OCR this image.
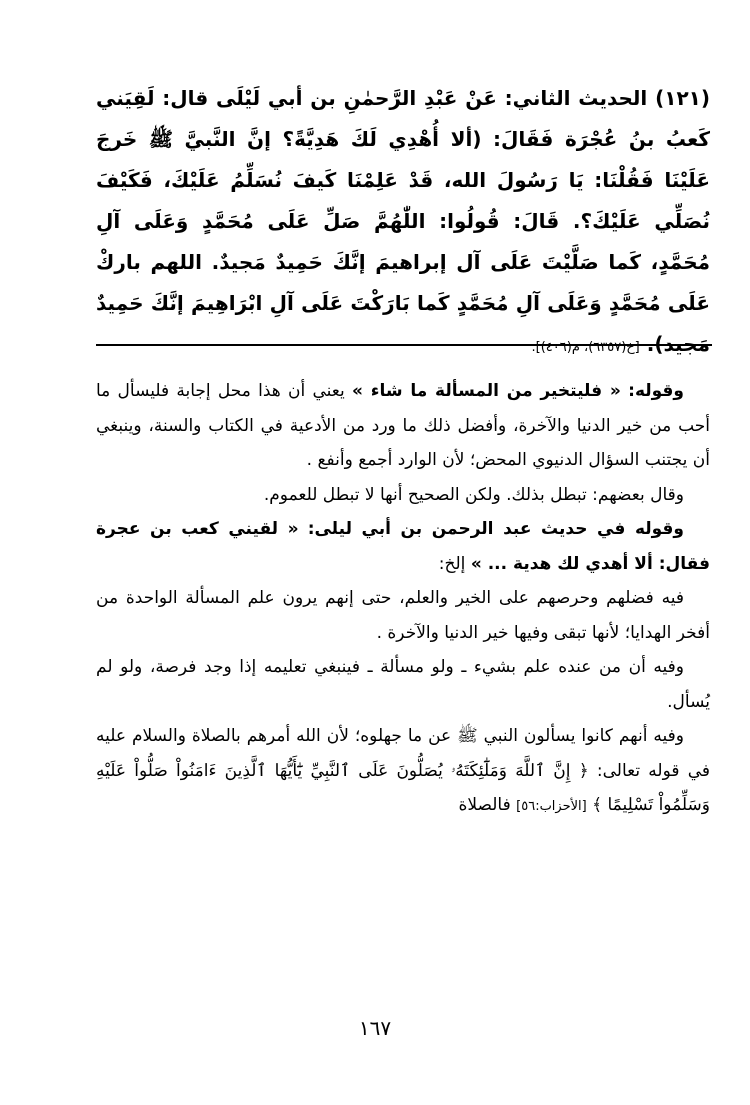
(١٢١) الحديث الثاني: عَنْ عَبْدِ الرَّحمٰنِ بن أبي لَيْلَى قال: لَقِيَني كَعبُ بنُ عُجْرَة فَقَالَ: (ألا أُهْدِي لَكَ هَدِيَّةً؟ إنَّ النَّبيَّ ﷺ خَرجَ عَلَيْنَا فَقُلْنَا: يَا رَسُولَ الله، قَدْ عَلِمْنَا كَيفَ نُسَلِّمُ عَلَيْكَ، فَكَيْفَ نُصَلِّي عَلَيْكَ؟. قَالَ: قُولُوا: اللّٰهُمَّ صَلِّ عَلَى مُحَمَّدٍ وَعَلَى آلِ مُحَمَّدٍ، كَما صَلَّيْتَ عَلَى آل إبراهيمَ إنَّكَ حَمِيدٌ مَجيدٌ. اللهم باركْ عَلَى مُحَمَّدٍ وَعَلَى آلِ مُحَمَّدٍ كَما بَارَكْتَ عَلَى آلِ ابْرَاهِيمَ إنَّكَ حَمِيدٌ مَجيد). [خ(٦٣٥٧)، م(٤٠٦)].

وقوله: « فليتخير من المسألة ما شاء » يعني أن هذا محل إجابة فليسأل ما أحب من خير الدنيا والآخرة، وأفضل ذلك ما ورد من الأدعية في الكتاب والسنة، وينبغي أن يجتنب السؤال الدنيوي المحض؛ لأن الوارد أجمع وأنفع .

وقال بعضهم: تبطل بذلك. ولكن الصحيح أنها لا تبطل للعموم.

وقوله في حديث عبد الرحمن بن أبي ليلى: « لقيني كعب بن عجرة فقال: ألا أهدي لك هدية ... » إلخ:

فيه فضلهم وحرصهم على الخير والعلم، حتى إنهم يرون علم المسألة الواحدة من أفخر الهدايا؛ لأنها تبقى وفيها خير الدنيا والآخرة .

وفيه أن من عنده علم بشيء ـ ولو مسألة ـ فينبغي تعليمه إذا وجد فرصة، ولو لم يُسأل.

وفيه أنهم كانوا يسألون النبي ﷺ عن ما جهلوه؛ لأن الله أمرهم بالصلاة والسلام عليه في قوله تعالى: ﴿ إِنَّ ٱللَّهَ وَمَلَٰٓئِكَتَهُۥ يُصَلُّونَ عَلَى ٱلنَّبِيِّ يَٰٓأَيُّهَا ٱلَّذِينَ ءَامَنُواْ صَلُّواْ عَلَيْهِ وَسَلِّمُواْ تَسْلِيمًا ﴾ [الأحزاب:٥٦] فالصلاة

١٦٧
